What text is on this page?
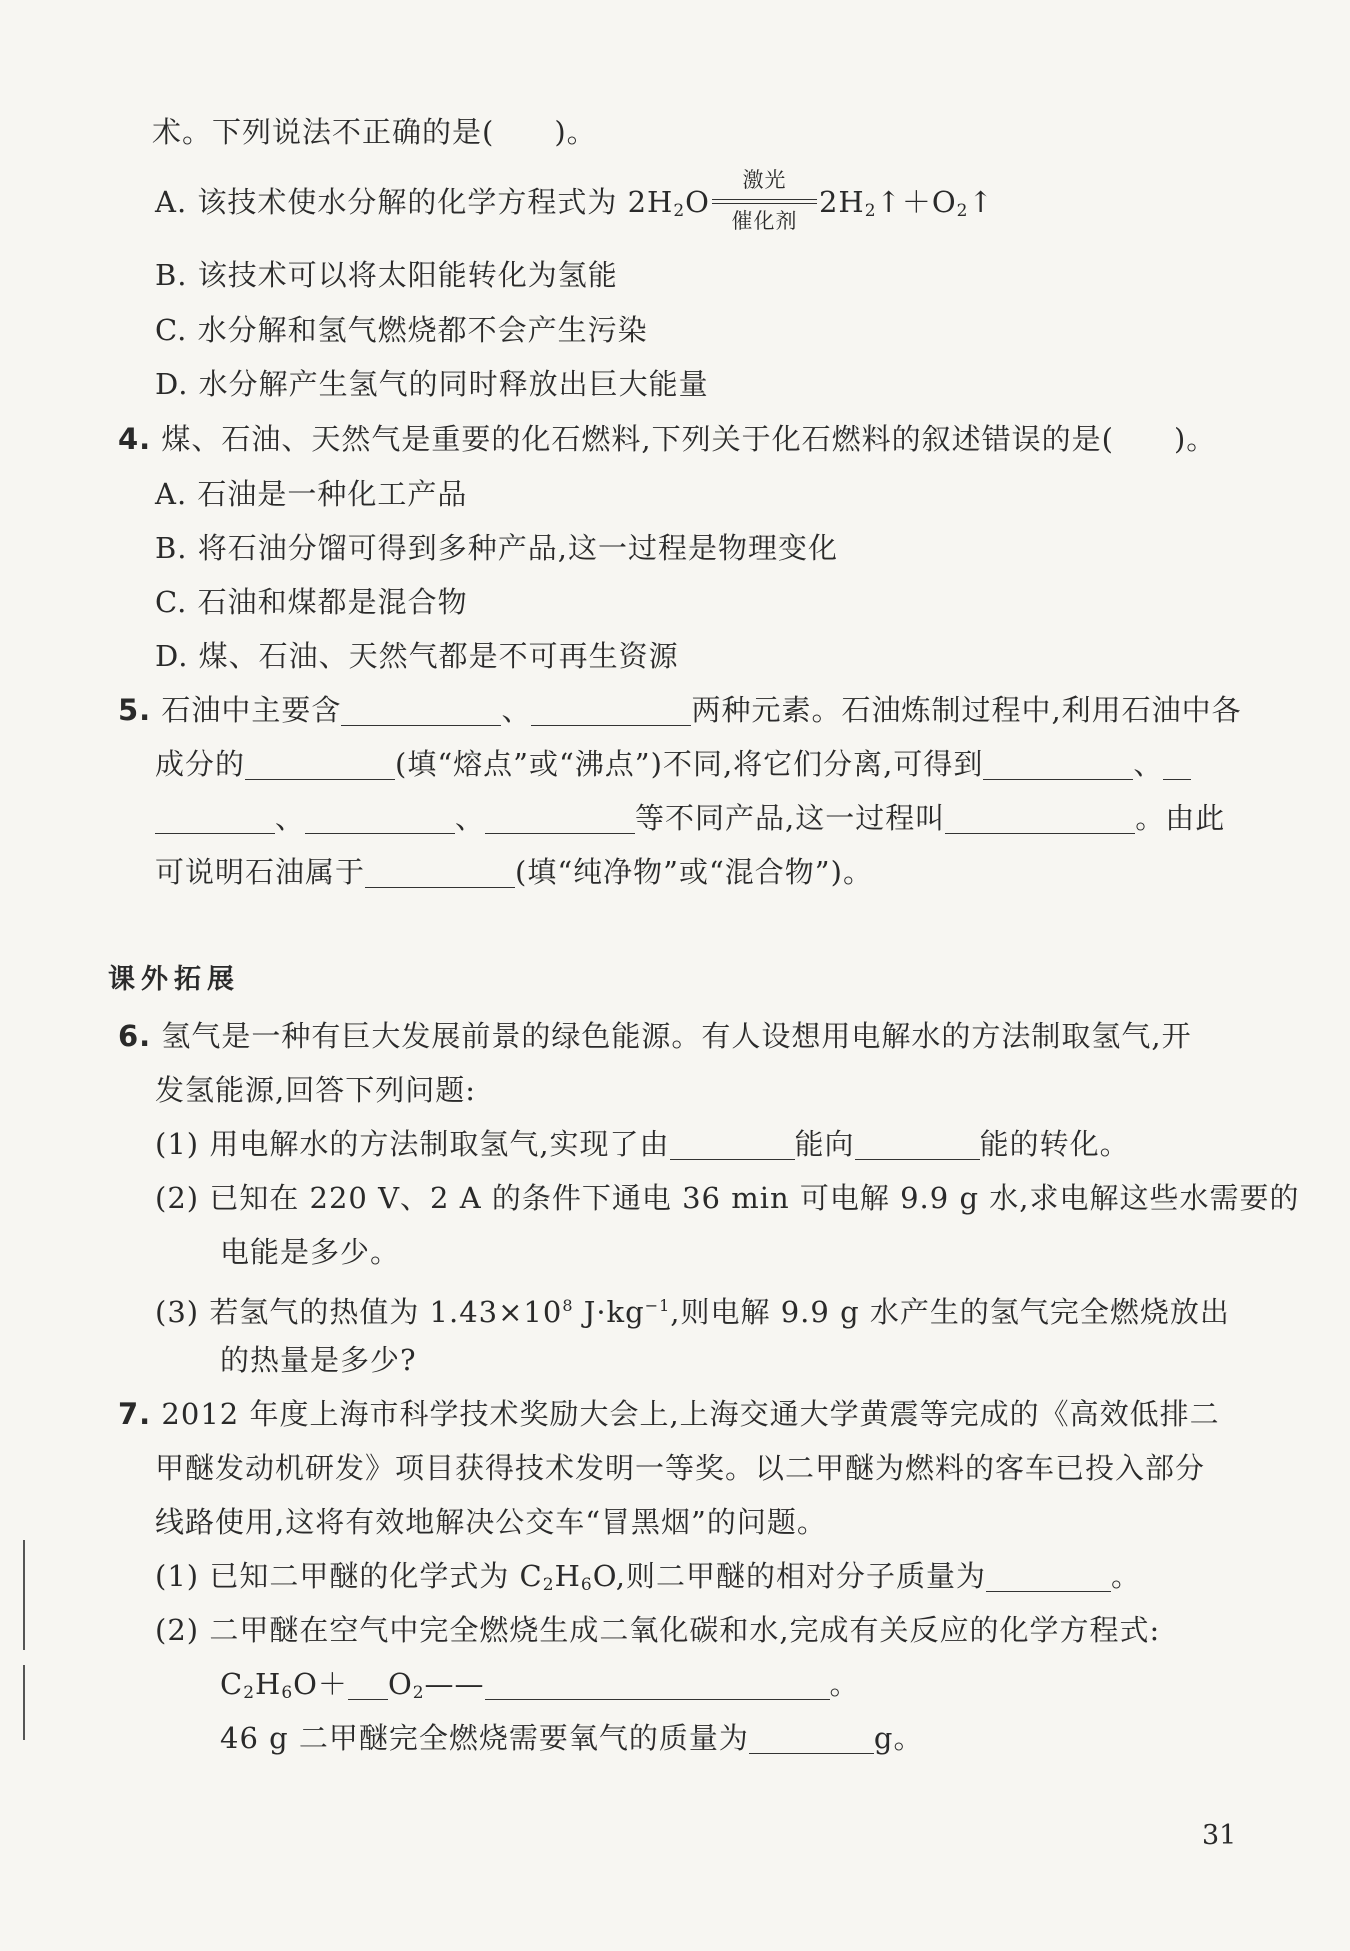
术。下列说法不正确的是(　　)。
A. 该技术使水分解的化学方程式为 $2H_2O$
激光
催化剂
$2H_2↑+O_2↑$
B. 该技术可以将太阳能转化为氢能
C. 水分解和氢气燃烧都不会产生污染
D. 水分解产生氢气的同时释放出巨大能量
4. 煤、石油、天然气是重要的化石燃料,下列关于化石燃料的叙述错误的是(　　)。
A. 石油是一种化工产品
B. 将石油分馏可得到多种产品,这一过程是物理变化
C. 石油和煤都是混合物
D. 煤、石油、天然气都是不可再生资源
5. 石油中主要含	、	两种元素。石油炼制过程中,利用石油中各
成分的	(填“熔点”或“沸点”)不同,将它们分离,可得到	、
、	、	等不同产品,这一过程叫	。由此
可说明石油属于	(填“纯净物”或“混合物”)。
课外拓展
6. 氢气是一种有巨大发展前景的绿色能源。有人设想用电解水的方法制取氢气,开
发氢能源,回答下列问题:
(1) 用电解水的方法制取氢气,实现了由	能向	能的转化。
(2) 已知在 220 V、2 A 的条件下通电 36 min 可电解 9.9 g 水,求电解这些水需要的
电能是多少。
(3) 若氢气的热值为 $1.43\times 10^8$ $J\cdot kg^{-1}$,则电解 9.9 g 水产生的氢气完全燃烧放出
的热量是多少?
7. 2012 年度上海市科学技术奖励大会上,上海交通大学黄震等完成的《高效低排二
甲醚发动机研发》项目获得技术发明一等奖。以二甲醚为燃料的客车已投入部分
线路使用,这将有效地解决公交车“冒黑烟”的问题。
(1) 已知二甲醚的化学式为 $C_2H_6O$,则二甲醚的相对分子质量为	。
(2) 二甲醚在空气中完全燃烧生成二氧化碳和水,完成有关反应的化学方程式:
$C_2H_6O+$ $O_2——$	。
46 g 二甲醚完全燃烧需要氧气的质量为	g。
31
